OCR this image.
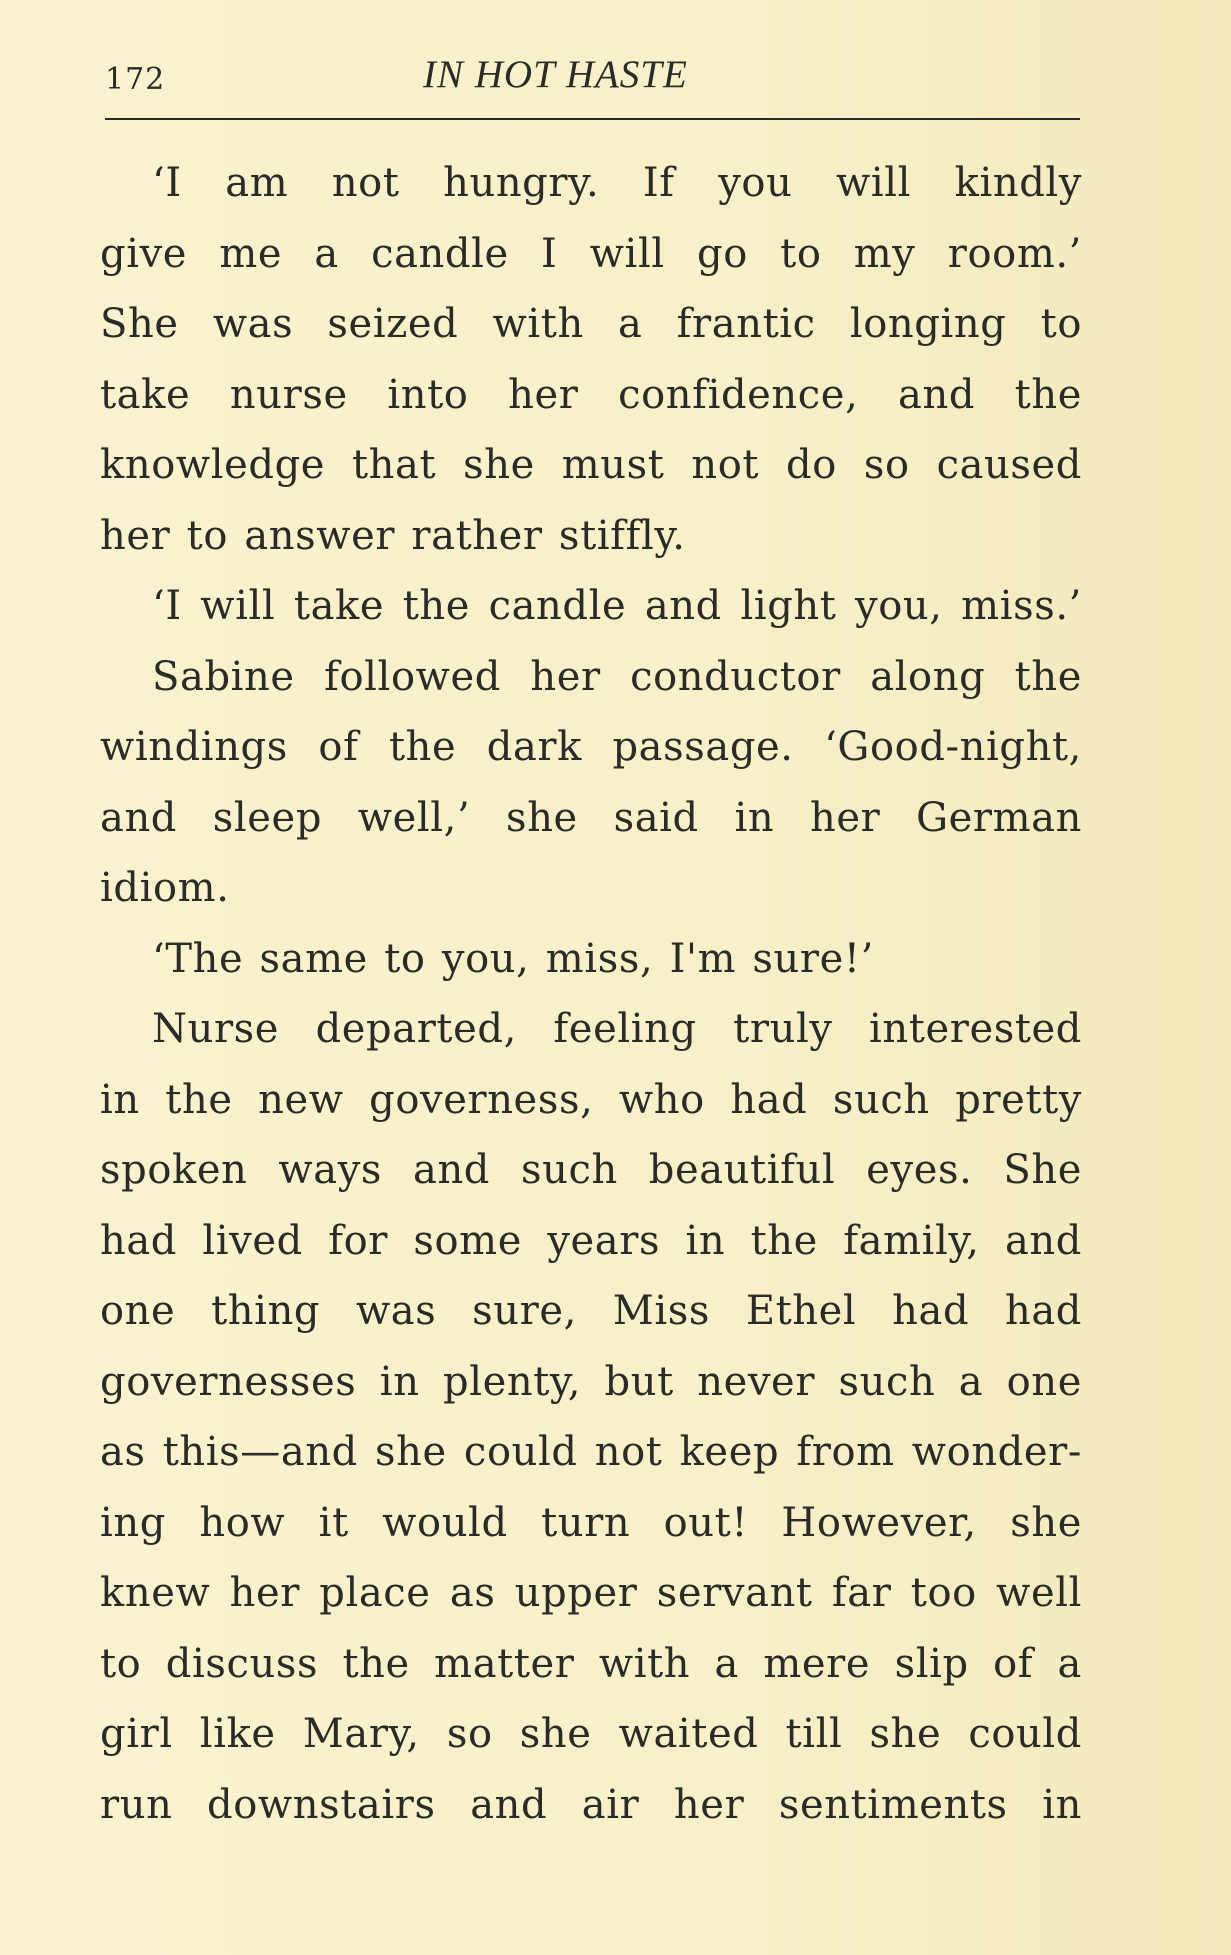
172	IN HOT HASTE
‘I am not hungry. If you will kindly
give me a candle I will go to my room.’
She was seized with a frantic longing to
take nurse into her confidence, and the
knowledge that she must not do so caused
her to answer rather stiffly.
‘I will take the candle and light you, miss.’
Sabine followed her conductor along the
windings of the dark passage. ‘Good-night,
and sleep well,’ she said in her German
idiom.
‘The same to you, miss, I'm sure!’
Nurse departed, feeling truly interested
in the new governess, who had such pretty
spoken ways and such beautiful eyes. She
had lived for some years in the family, and
one thing was sure, Miss Ethel had had
governesses in plenty, but never such a one
as this—and she could not keep from wonder-
ing how it would turn out! However, she
knew her place as upper servant far too well
to discuss the matter with a mere slip of a
girl like Mary, so she waited till she could
run downstairs and air her sentiments in
